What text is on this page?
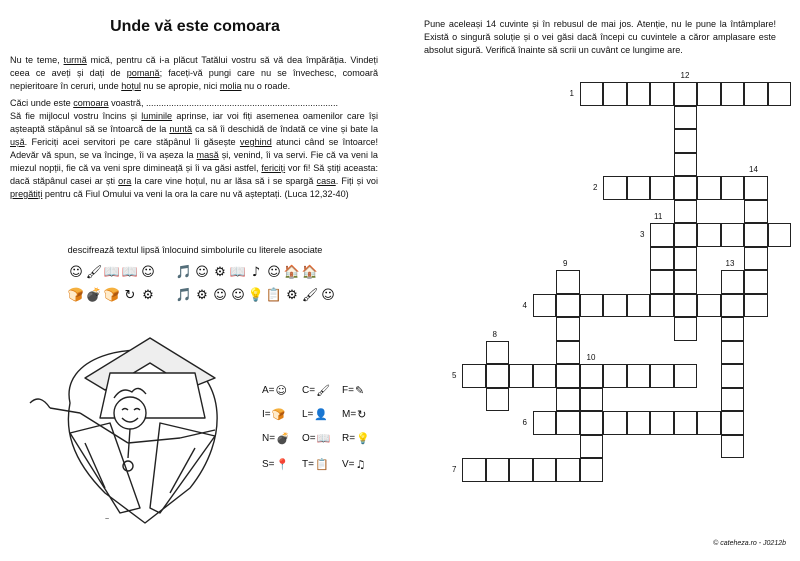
Unde vă este comoara

Nu te teme, turmă mică, pentru că i-a plăcut Tatălui vostru să vă dea împărăția. Vindeți ceea ce aveți și dați de pomană; faceți-vă pungi care nu se învechesc, comoară nepieritoare în ceruri, unde hoțul nu se apropie, nici molia nu o roade.

Căci unde este comoara voastră, ............................................................................
Să fie mijlocul vostru încins și luminile aprinse, iar voi fiți asemenea oamenilor care își așteaptă stăpânul să se întoarcă de la nuntă ca să îi deschidă de îndată ce vine și bate la ușă. Fericiți acei servitori pe care stăpânul îi găsește veghind atunci când se întoarce! Adevăr vă spun, se va încinge, îi va așeza la masă și, venind, îi va servi. Fie că va veni la miezul nopții, fie că va veni spre dimineață și îi va găsi astfel, fericiți vor fi! Să știți aceasta: dacă stăpânul casei ar ști ora la care vine hoțul, nu ar lăsa să i se spargă casa. Fiți și voi pregătiți pentru că Fiul Omului va veni la ora la care nu vă așteptați. (Luca 12,32-40)

descifrează textul lipsă înlocuind simbolurile cu literele asociate
☺ 🖌 📖 📖 ☺ 🎵 ☺ ⚙ 📖 ♪ ☺ 🏠 🏠
🍞 💣 🍞 ↻ ⚙ 🎵 ⚙ ☺ ☺ 💡 📋 ⚙ 🖌 ☺
~
A= ☺ C= 🖌 F= ✎
I= 🍞 L= 👤 M= ↻
N= 💣 O= 📖 R= 💡
S= 📍 T= 📋 V= ♫
Pune aceleași 14 cuvinte și în rebusul de mai jos. Atenție, nu le pune la întâmplare! Există o singură soluție și o vei găsi dacă începi cu cuvintele a căror amplasare este absolut sigură. Verifică înainte să scrii un cuvânt ce lungime are.
1
2
3
4
5
6
7
8
9
10
11
12
13
14
© cateheza.ro - J0212b
